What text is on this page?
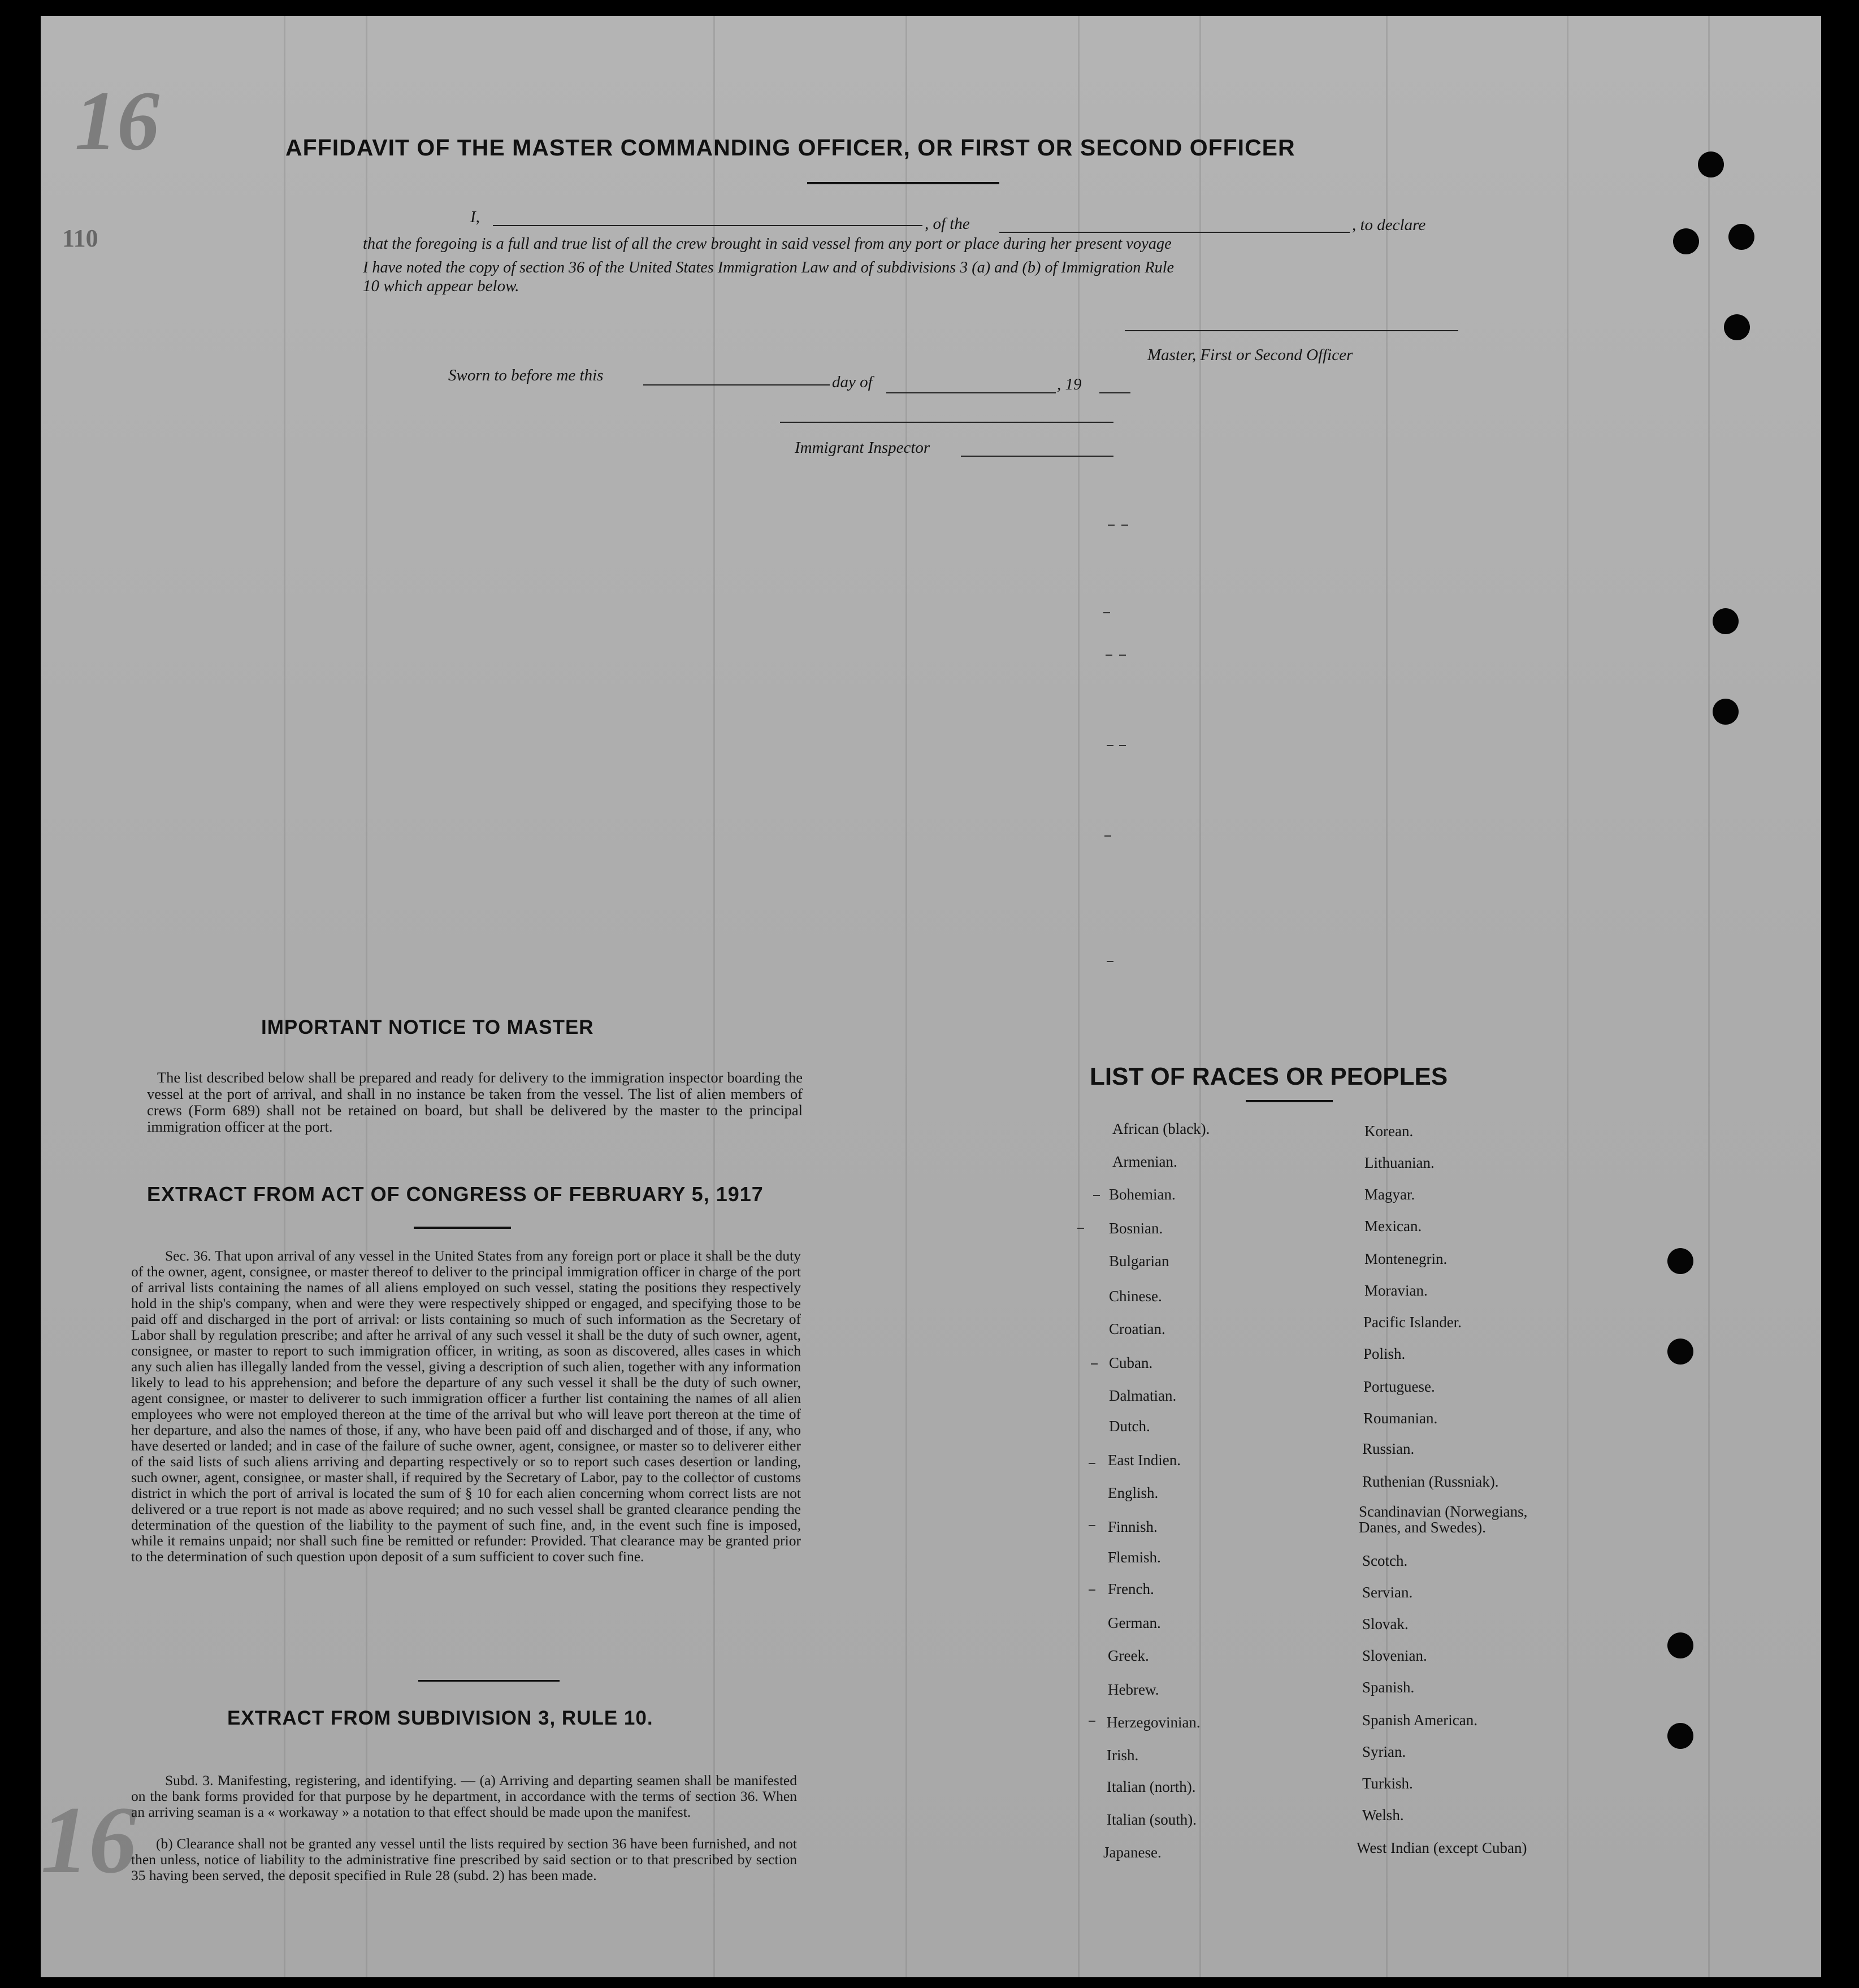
16
110
16
AFFIDAVIT OF THE MASTER COMMANDING OFFICER, OR FIRST OR SECOND OFFICER
I,	, of the	, to declare
that the foregoing is a full and true list of all the crew brought in said vessel from any port or place during her present voyage
I have noted the copy of section 36 of the United States Immigration Law and of subdivisions 3 (a) and (b) of Immigration Rule
10 which appear below.
Master, First or Second Officer
Sworn to before me this	day of	, 19
Immigrant Inspector
IMPORTANT NOTICE TO MASTER

The list described below shall be prepared and ready for delivery to the immigration inspector boarding the vessel at the port of arrival, and shall in no instance be taken from the vessel. The list of alien members of crews (Form 689) shall not be retained on board, but shall be delivered by the master to the principal immigration officer at the port.

EXTRACT FROM ACT OF CONGRESS OF FEBRUARY 5, 1917

Sec. 36. That upon arrival of any vessel in the United States from any foreign port or place it shall be the duty of the owner, agent, consignee, or master thereof to deliver to the principal immigration officer in charge of the port of arrival lists containing the names of all aliens employed on such vessel, stating the positions they respectively hold in the ship's company, when and were they were respectively shipped or engaged, and specifying those to be paid off and discharged in the port of arrival: or lists containing so much of such information as the Secretary of Labor shall by regulation prescribe; and after he arrival of any such vessel it shall be the duty of such owner, agent, consignee, or master to report to such immigration officer, in writing, as soon as discovered, alles cases in which any such alien has illegally landed from the vessel, giving a description of such alien, together with any information likely to lead to his apprehension; and before the departure of any such vessel it shall be the duty of such owner, agent consignee, or master to deliverer to such immigration officer a further list containing the names of all alien employees who were not employed thereon at the time of the arrival but who will leave port thereon at the time of her departure, and also the names of those, if any, who have been paid off and discharged and of those, if any, who have deserted or landed; and in case of the failure of suche owner, agent, consignee, or master so to deliverer either of the said lists of such aliens arriving and departing respectively or so to report such cases desertion or landing, such owner, agent, consignee, or master shall, if required by the Secretary of Labor, pay to the collector of customs district in which the port of arrival is located the sum of § 10 for each alien concerning whom correct lists are not delivered or a true report is not made as above required; and no such vessel shall be granted clearance pending the determination of the question of the liability to the payment of such fine, and, in the event such fine is imposed, while it remains unpaid; nor shall such fine be remitted or refunder: Provided. That clearance may be granted prior to the determination of such question upon deposit of a sum sufficient to cover such fine.

EXTRACT FROM SUBDIVISION 3, RULE 10.

Subd. 3. Manifesting, registering, and identifying. — (a) Arriving and departing seamen shall be manifested on the bank forms provided for that purpose by he department, in accordance with the terms of section 36. When an arriving seaman is a « workaway » a notation to that effect should be made upon the manifest.

(b) Clearance shall not be granted any vessel until the lists required by section 36 have been furnished, and not then unless, notice of liability to the administrative fine prescribed by said section or to that prescribed by section 35 having been served, the deposit specified in Rule 28 (subd. 2) has been made.

LIST OF RACES OR PEOPLES
African (black).
Armenian.
Bohemian.
Bosnian.
Bulgarian
Chinese.
Croatian.
Cuban.
Dalmatian.
Dutch.
East Indien.
English.
Finnish.
Flemish.
French.
German.
Greek.
Hebrew.
Herzegovinian.
Irish.
Italian (north).
Italian (south).
Japanese.
Korean.
Lithuanian.
Magyar.
Mexican.
Montenegrin.
Moravian.
Pacific Islander.
Polish.
Portuguese.
Roumanian.
Russian.
Ruthenian (Russniak).
Scandinavian (Norwegians, Danes, and Swedes).
Scotch.
Servian.
Slovak.
Slovenian.
Spanish.
Spanish American.
Syrian.
Turkish.
Welsh.
West Indian (except Cuban)
